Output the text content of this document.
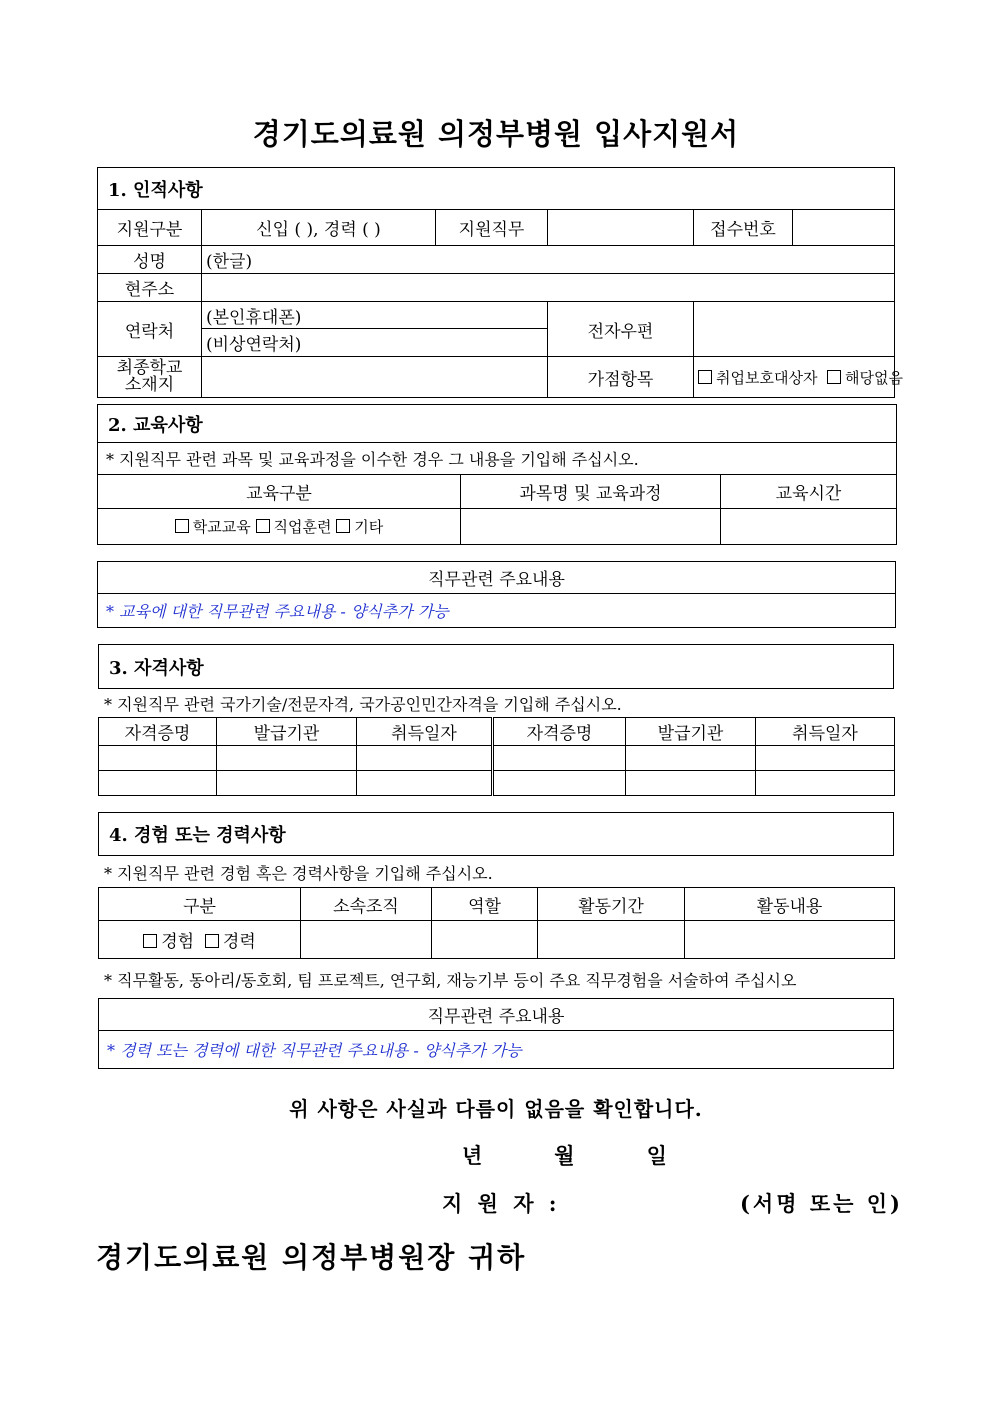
경기도의료원 의정부병원 입사지원서
1. 인적사항					
지원구분	신입 ( ), 경력 ( )	지원직무		접수번호	
성명	(한글)				
현주소					
연락처	(본인휴대폰)		전자우편		
	(비상연락처)				

최종학교
소재지			가점항목	취업보호대상자 해당없음	
2. 교육사항		
* 지원직무 관련 과목 및 교육과정을 이수한 경우 그 내용을 기입해 주십시오.		
교육구분	과목명 및 교육과정	교육시간
학교교육 직업훈련 기타		
직무관련 주요내용
* 교육에 대한 직무관련 주요내용 - 양식추가 가능
3. 자격사항
* 지원직무 관련 국가기술/전문자격, 국가공인민간자격을 기입해 주십시오.
자격증명	발급기관	취득일자	자격증명	발급기관	취득일자

4. 경험 또는 경력사항
* 지원직무 관련 경험 혹은 경력사항을 기입해 주십시오.
구분	소속조직	역할	활동기간	활동내용
경험 경력				
* 직무활동, 동아리/동호회, 팀 프로젝트, 연구회, 재능기부 등이 주요 직무경험을 서술하여 주십시오
직무관련 주요내용
* 경력 또는 경력에 대한 직무관련 주요내용 - 양식추가 가능
위 사항은 사실과 다름이 없음을 확인합니다.
년	월	일
지 원 자 :	(서명 또는 인)
경기도의료원 의정부병원장 귀하
